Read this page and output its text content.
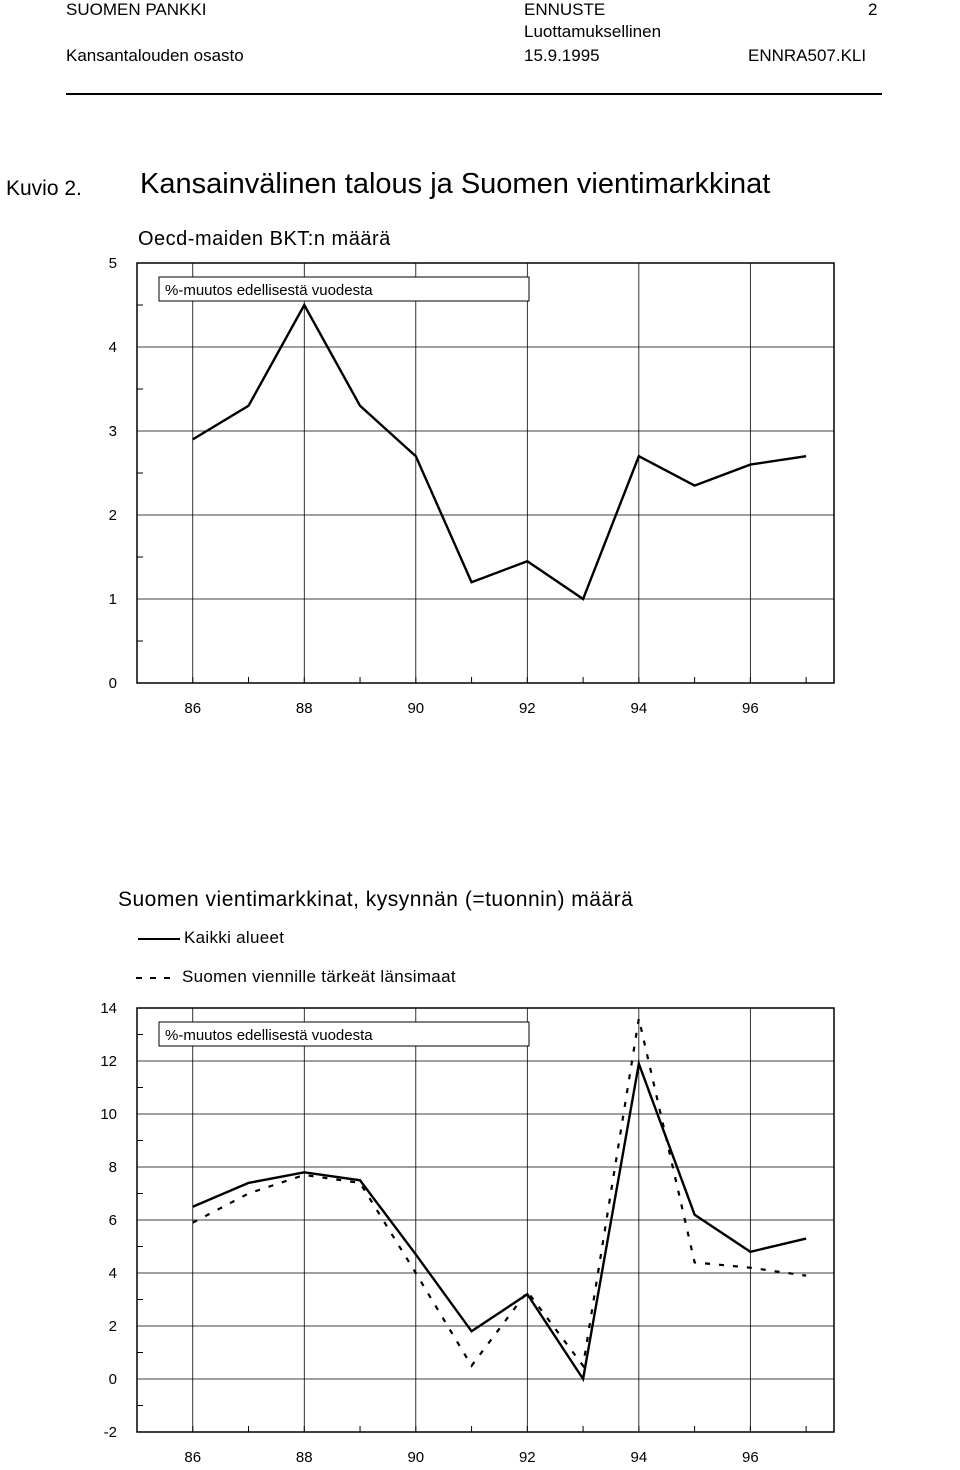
SUOMEN PANKKI
Kansantalouden osasto
ENNUSTE
Luottamuksellinen
15.9.1995
2
ENNRA507.KLI
Kuvio 2. Kansainvälinen talous ja Suomen vientimarkkinat
Oecd-maiden BKT:n määrä
Suomen vientimarkkinat, kysynnän (=tuonnin) määrä
Kaikki alueet
Suomen viennille tärkeät länsimaat
0
1
2
3
4
5
86	88	90	92	94	96
%-muutos edellisestä vuodesta
-2
0
2
4
6
8
10
12
14
86	88	90	92	94	96
%-muutos edellisestä vuodesta
